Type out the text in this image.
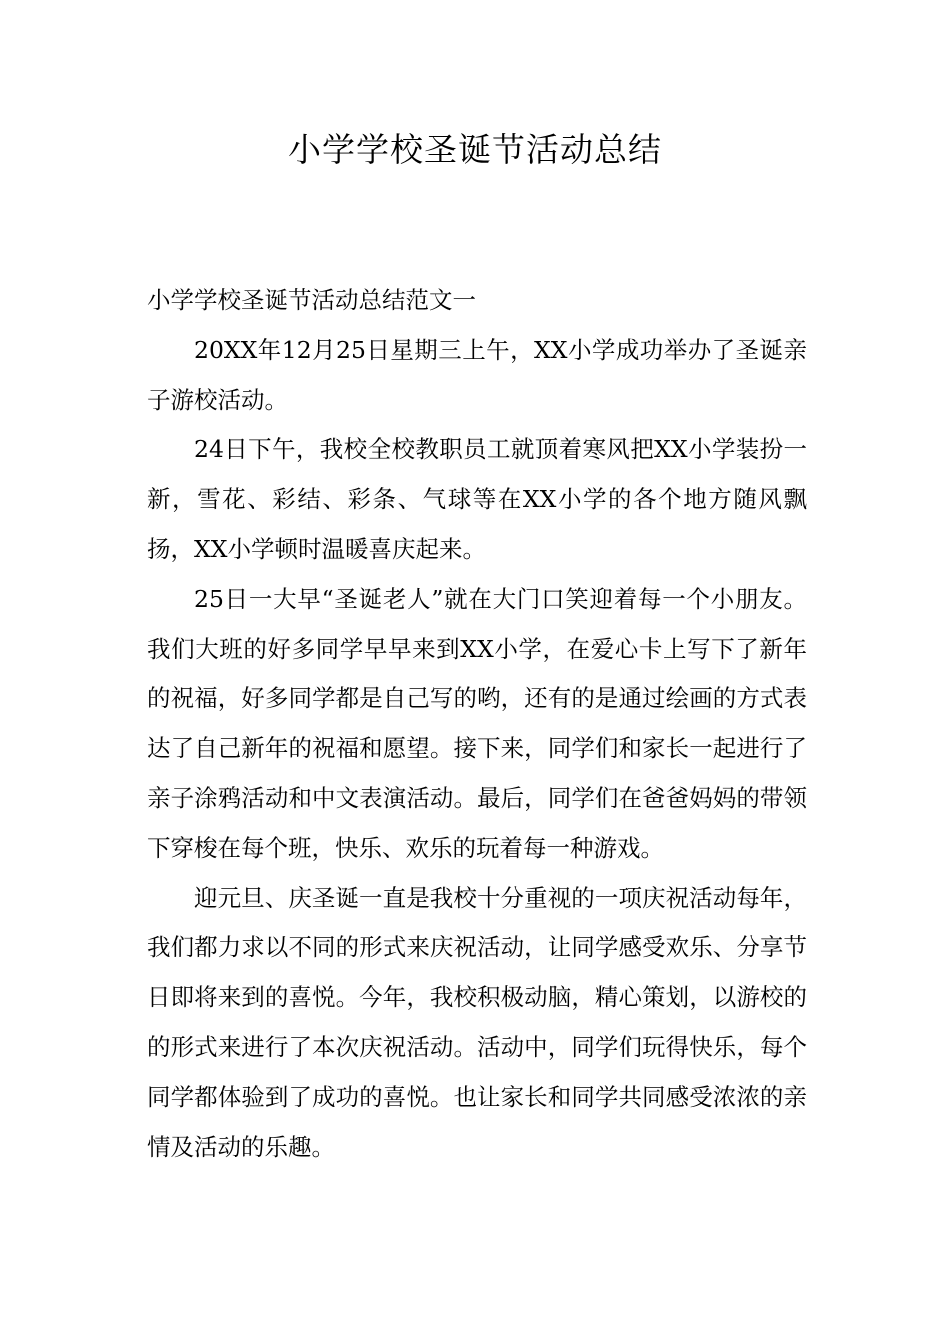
小学学校圣诞节活动总结

小学学校圣诞节活动总结范文一

20XX年12月25日星期三上午，XX小学成功举办了圣诞亲子游校活动。

24日下午，我校全校教职员工就顶着寒风把XX小学装扮一新，雪花、彩结、彩条、气球等在XX小学的各个地方随风飘扬，XX小学顿时温暖喜庆起来。

25日一大早“圣诞老人”就在大门口笑迎着每一个小朋友。我们大班的好多同学早早来到XX小学，在爱心卡上写下了新年的祝福，好多同学都是自己写的哟，还有的是通过绘画的方式表达了自己新年的祝福和愿望。接下来，同学们和家长一起进行了亲子涂鸦活动和中文表演活动。最后，同学们在爸爸妈妈的带领下穿梭在每个班，快乐、欢乐的玩着每一种游戏。

迎元旦、庆圣诞一直是我校十分重视的一项庆祝活动每年，我们都力求以不同的形式来庆祝活动，让同学感受欢乐、分享节日即将来到的喜悦。今年，我校积极动脑，精心策划，以游校的的形式来进行了本次庆祝活动。活动中，同学们玩得快乐，每个同学都体验到了成功的喜悦。也让家长和同学共同感受浓浓的亲情及活动的乐趣。
